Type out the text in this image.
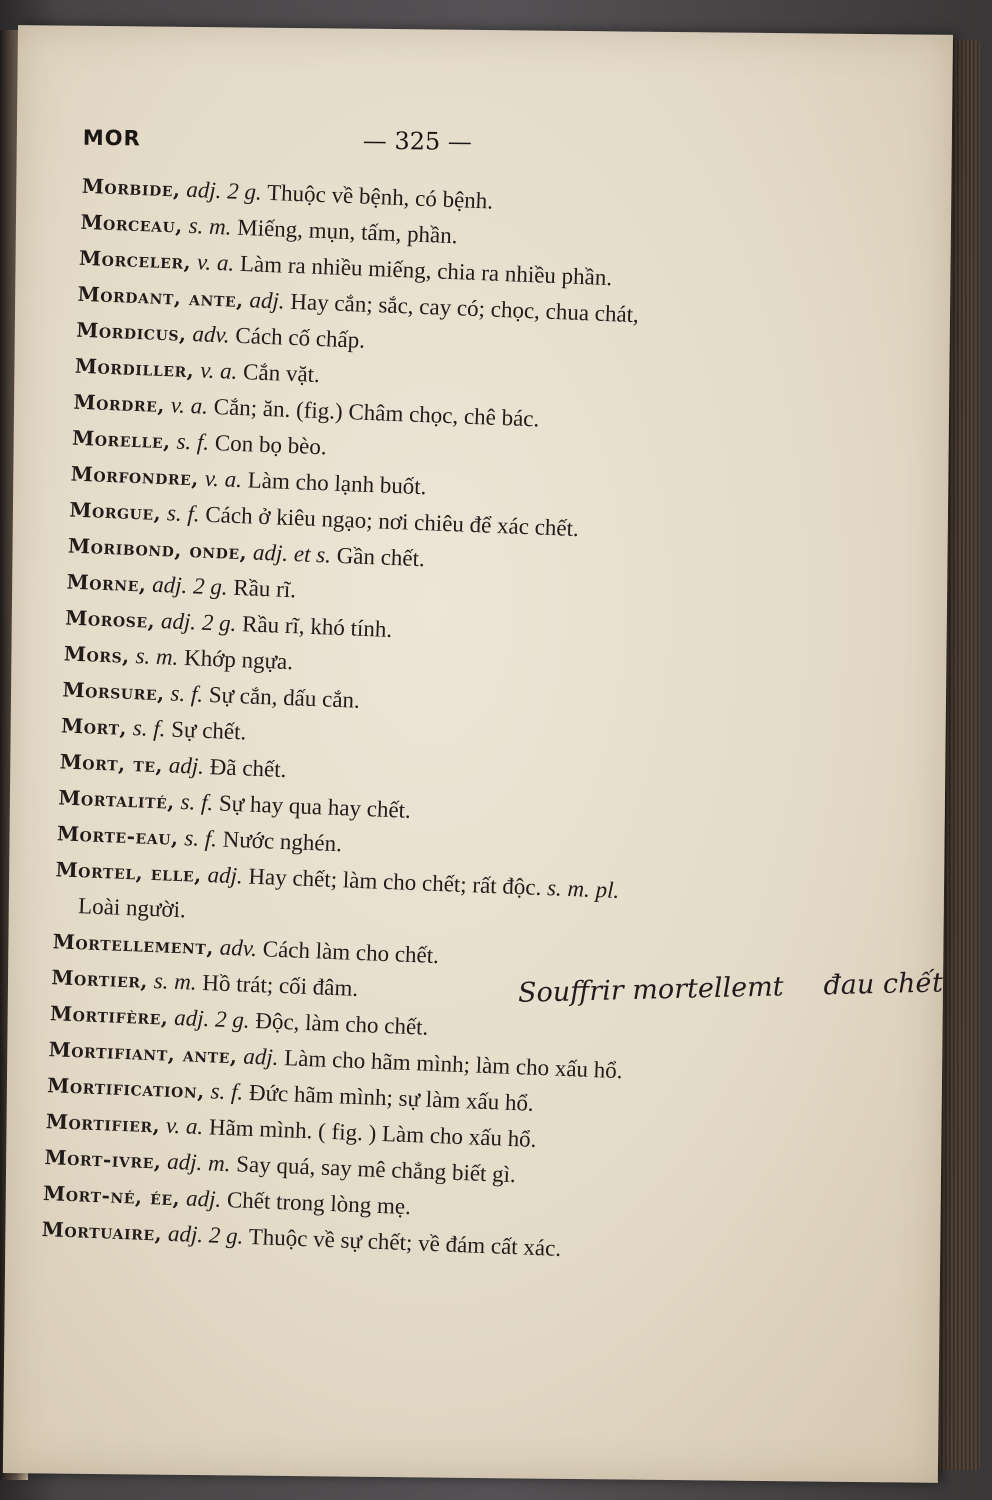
MOR	— 325 —
Morbide, adj. 2 g. Thuộc về bệnh, có bệnh.
Morceau, s. m. Miếng, mụn, tấm, phần.
Morceler, v. a. Làm ra nhiều miếng, chia ra nhiều phần.
Mordant, ante, adj. Hay cắn; sắc, cay có; chọc, chua chát,
Mordicus, adv. Cách cố chấp.
Mordiller, v. a. Cắn vặt.
Mordre, v. a. Cắn; ăn. (fig.) Châm chọc, chê bác.
Morelle, s. f. Con bọ bèo.
Morfondre, v. a. Làm cho lạnh buốt.
Morgue, s. f. Cách ở kiêu ngạo; nơi chiêu để xác chết.
Moribond, onde, adj. et s. Gần chết.
Morne, adj. 2 g. Rầu rĩ.
Morose, adj. 2 g. Rầu rĩ, khó tính.
Mors, s. m. Khớp ngựa.
Morsure, s. f. Sự cắn, dấu cắn.
Mort, s. f. Sự chết.
Mort, te, adj. Đã chết.
Mortalité, s. f. Sự hay qua hay chết.
Morte-eau, s. f. Nước nghén.
Mortel, elle, adj. Hay chết; làm cho chết; rất độc. s. m. pl.
Loài người.
Mortellement, adv. Cách làm cho chết.
Mortier, s. m. Hồ trát; cối đâm.
Mortifère, adj. 2 g. Độc, làm cho chết.
Mortifiant, ante, adj. Làm cho hãm mình; làm cho xấu hổ.
Mortification, s. f. Đức hãm mình; sự làm xấu hổ.
Mortifier, v. a. Hãm mình. ( fig. ) Làm cho xấu hổ.
Mort-ivre, adj. m. Say quá, say mê chẳng biết gì.
Mort-né, ée, adj. Chết trong lòng mẹ.
Mortuaire, adj. 2 g. Thuộc về sự chết; về đám cất xác.
Souffrir mortellemt đau chết
